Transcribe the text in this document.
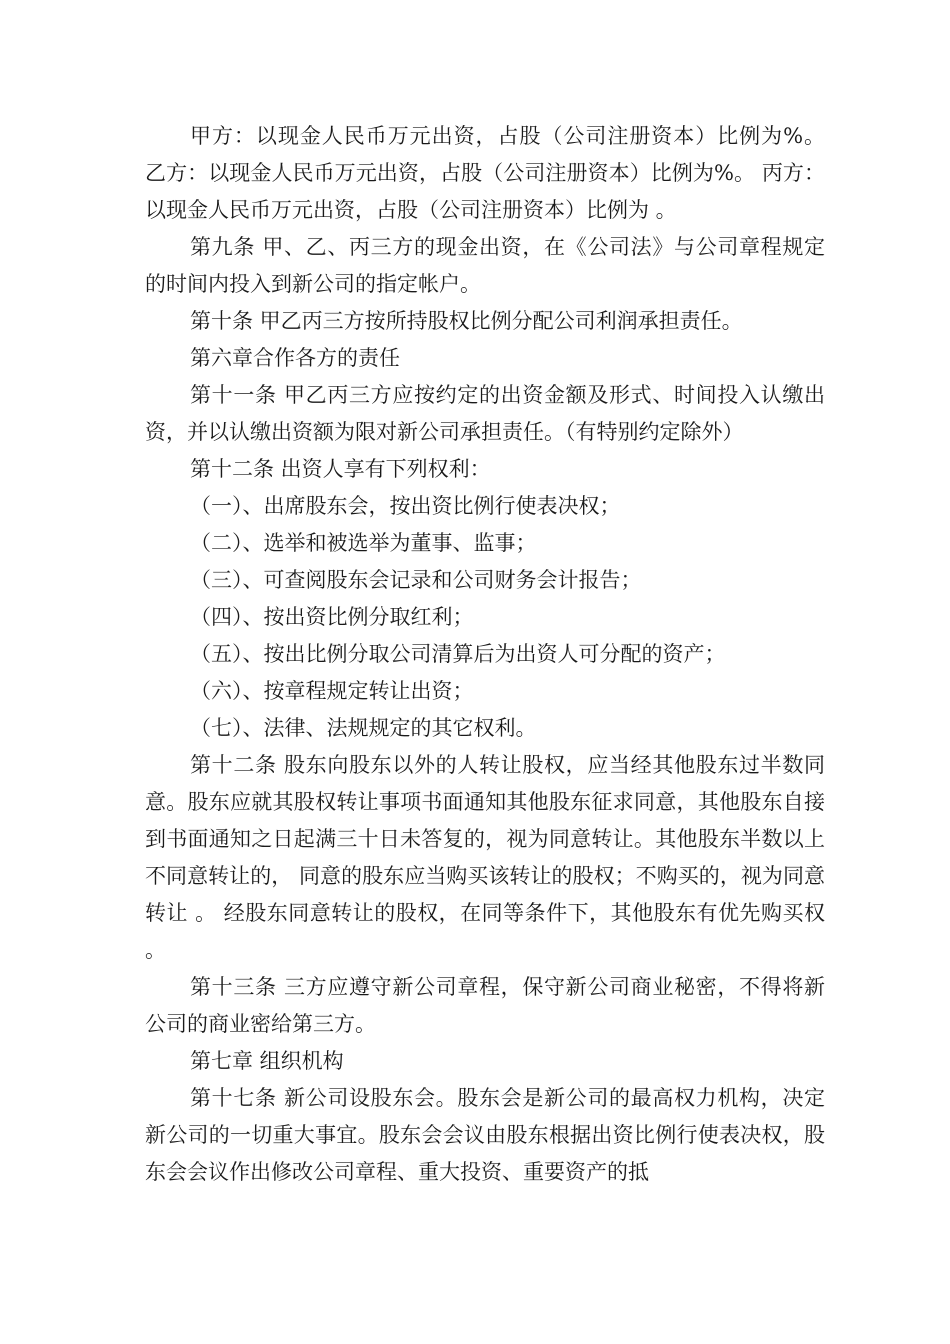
甲方：以现金人民币万元出资，占股（公司注册资本）比例为%。 乙方：以现金人民币万元出资，占股（公司注册资本）比例为%。 丙方：以现金人民币万元出资，占股（公司注册资本）比例为 。

第九条 甲、乙、丙三方的现金出资，在《公司法》与公司章程规定的时间内投入到新公司的指定帐户。

第十条 甲乙丙三方按所持股权比例分配公司利润承担责任。

第六章合作各方的责任

第十一条 甲乙丙三方应按约定的出资金额及形式、时间投入认缴出资，并以认缴出资额为限对新公司承担责任。（有特别约定除外）

第十二条 出资人享有下列权利：

（一）、出席股东会，按出资比例行使表决权；

（二）、选举和被选举为董事、监事；

（三）、可查阅股东会记录和公司财务会计报告；

（四）、按出资比例分取红利；

（五）、按出比例分取公司清算后为出资人可分配的资产；

（六）、按章程规定转让出资；

（七）、法律、法规规定的其它权利。

第十二条 股东向股东以外的人转让股权，应当经其他股东过半数同意。股东应就其股权转让事项书面通知其他股东征求同意，其他股东自接到书面通知之日起满三十日未答复的，视为同意转让。其他股东半数以上不同意转让的， 同意的股东应当购买该转让的股权；不购买的，视为同意转让 。 经股东同意转让的股权，在同等条件下，其他股东有优先购买权 。

第十三条 三方应遵守新公司章程，保守新公司商业秘密，不得将新公司的商业密给第三方。

第七章 组织机构

第十七条 新公司设股东会。股东会是新公司的最高权力机构，决定新公司的一切重大事宜。股东会会议由股东根据出资比例行使表决权，股东会会议作出修改公司章程、重大投资、重要资产的抵
